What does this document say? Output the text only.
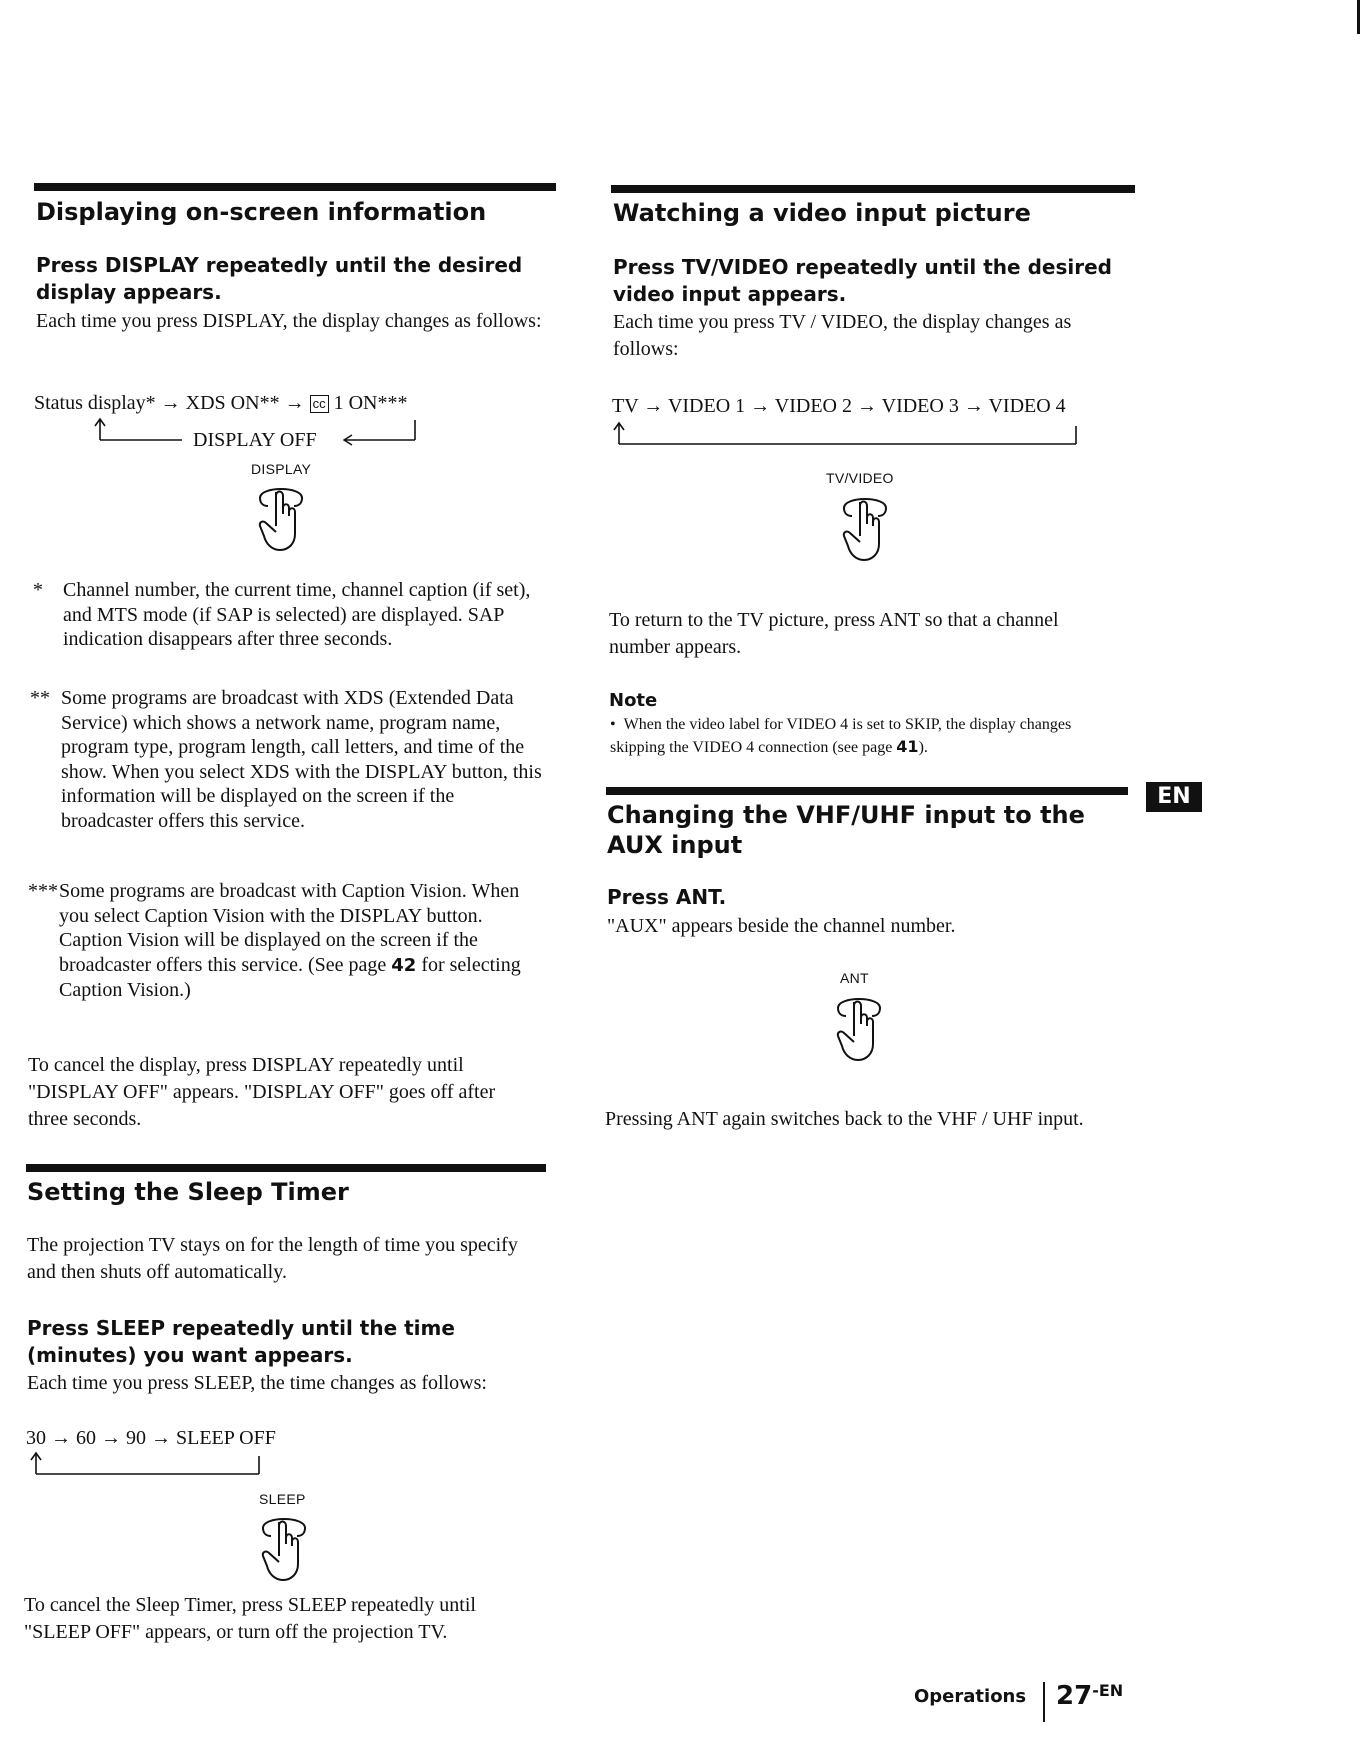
Displaying on-screen information

Press DISPLAY repeatedly until the desired display appears.

Each time you press DISPLAY, the display changes as follows:

Status display* → XDS ON** → cc 1 ON***
DISPLAY OFF
DISPLAY
* Channel number, the current time, channel caption (if set), and MTS mode (if SAP is selected) are displayed. SAP indication disappears after three seconds.
** Some programs are broadcast with XDS (Extended Data Service) which shows a network name, program name, program type, program length, call letters, and time of the show. When you select XDS with the DISPLAY button, this information will be displayed on the screen if the broadcaster offers this service.
*** Some programs are broadcast with Caption Vision. When you select Caption Vision with the DISPLAY button. Caption Vision will be displayed on the screen if the broadcaster offers this service. (See page 42 for selecting Caption Vision.)

To cancel the display, press DISPLAY repeatedly until "DISPLAY OFF" appears. "DISPLAY OFF" goes off after three seconds.

Setting the Sleep Timer

The projection TV stays on for the length of time you specify and then shuts off automatically.

Press SLEEP repeatedly until the time (minutes) you want appears.

Each time you press SLEEP, the time changes as follows:

30 → 60 → 90 → SLEEP OFF
SLEEP

To cancel the Sleep Timer, press SLEEP repeatedly until "SLEEP OFF" appears, or turn off the projection TV.

Watching a video input picture

Press TV/VIDEO repeatedly until the desired video input appears.

Each time you press TV / VIDEO, the display changes as follows:

TV → VIDEO 1 → VIDEO 2 → VIDEO 3 → VIDEO 4
TV/VIDEO

To return to the TV picture, press ANT so that a channel number appears.

Note

•  When the video label for VIDEO 4 is set to SKIP, the display changes skipping the VIDEO 4 connection (see page 41).

Changing the VHF/UHF input to the AUX input

Press ANT.

"AUX" appears beside the channel number.

ANT

Pressing ANT again switches back to the VHF / UHF input.

EN
Operations $27^{-EN}$
